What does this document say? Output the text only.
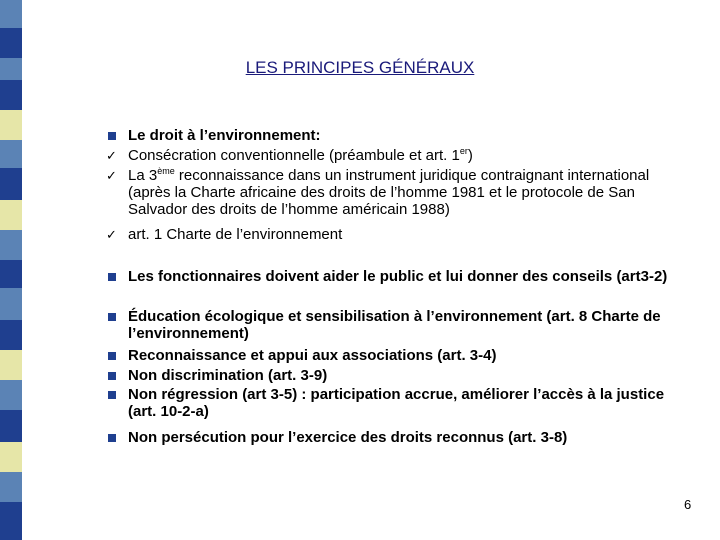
LES PRINCIPES GÉNÉRAUX
Le droit à l’environnement:
✓ Consécration conventionnelle (préambule et art. 1er)
✓ La 3ème reconnaissance dans un instrument juridique contraignant international (après la Charte africaine des droits de l’homme 1981 et le protocole de San Salvador des droits de l’homme américain 1988)
✓ art. 1 Charte de l’environnement
Les fonctionnaires doivent aider le public et lui donner des conseils (art3-2)
Éducation écologique et sensibilisation à l’environnement (art. 8 Charte de l’environnement)
Reconnaissance et appui aux associations (art. 3-4)
Non discrimination (art. 3-9)
Non régression (art 3-5) : participation accrue, améliorer l’accès à la justice (art. 10-2-a)
Non persécution pour l’exercice des droits reconnus (art. 3-8)
6
